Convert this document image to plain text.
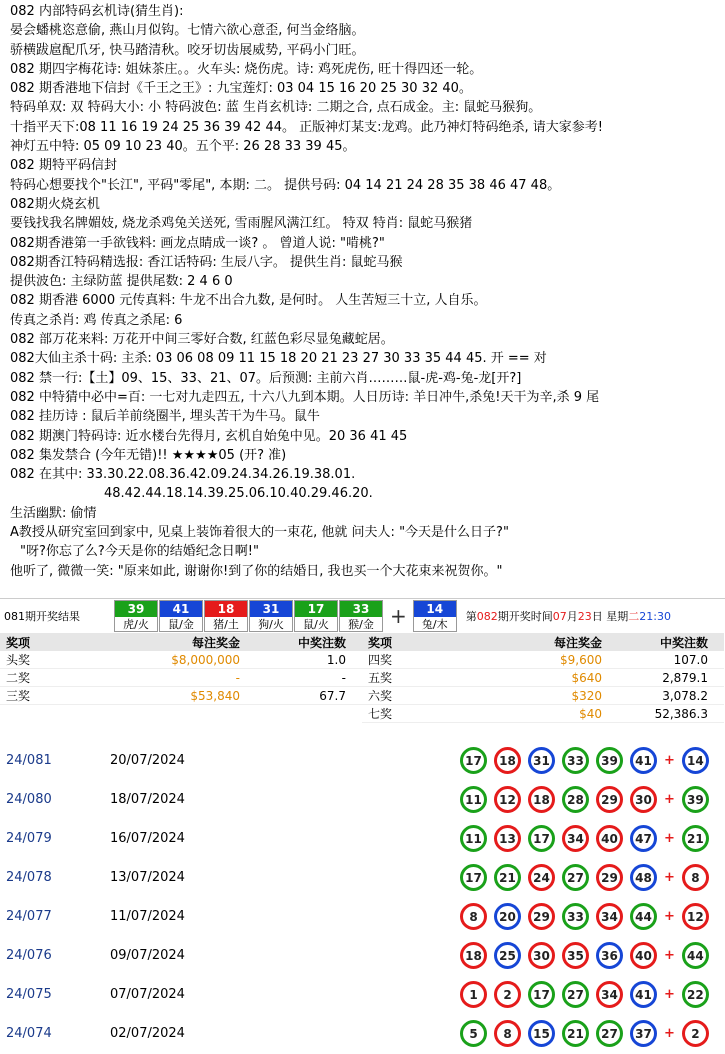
082 内部特码玄机诗(猜生肖):
晏会蟠桃恣意偷, 燕山月似钩。七情六欲心意歪, 何当金络脑。
骄横跋扈配爪牙, 快马踏清秋。咬牙切齿展威势, 平码小门旺。
082 期四字梅花诗: 姐妹茶庄。。火车头: 烧伤虎。诗: 鸡死虎伤, 旺十得四还一轮。
082 期香港地下信封《千王之王》: 九宝莲灯: 03 04 15 16 20 25 30 32 40。
特码单双: 双 特码大小: 小 特码波色: 蓝 生肖玄机诗: 二期之合, 点石成金。主: 鼠蛇马猴狗。
十指平天下:08 11 16 19 24 25 36 39 42 44。 正版神灯某支:龙鸡。此乃神灯特码绝杀, 请大家参考!
神灯五中特: 05 09 10 23 40。五个平: 26 28 33 39 45。
082 期特平码信封
特码心想要找个"长江", 平码"零尾", 本期: 二。 提供号码: 04 14 21 24 28 35 38 46 47 48。
082期火烧玄机
要钱找我名牌媚妓, 烧龙杀鸡兔关送死, 雪雨腥风满江红。 特双 特肖: 鼠蛇马猴猪
082期香港第一手欲钱料: 画龙点睛成一谈? 。 曾道人说: "啃桃?"
082期香江特码精选报: 香江话特码: 生辰八字。 提供生肖: 鼠蛇马猴
提供波色: 主绿防蓝 提供尾数: 2 4 6 0
082 期香港 6000 元传真料: 牛龙不出合九数, 是何时。 人生苦短三十立, 人自乐。
传真之杀肖: 鸡 传真之杀尾: 6
082 部万花来料: 万花开中间三零好合数, 红蓝色彩尽显兔藏蛇居。
082大仙主杀十码: 主杀: 03 06 08 09 11 15 18 20 21 23 27 30 33 35 44 45. 开 == 对
082 禁一行:【土】09、15、33、21、07。后预测: 主前六肖………鼠-虎-鸡-兔-龙[开?]
082 中特猜中必中=百: 一七对九走四五, 十六八九到本期。人日历诗: 羊日冲牛,杀兔!天干为辛,杀 9 尾
082 挂历诗 : 鼠后羊前绕圈半, 埋头苦干为牛马。鼠牛
082 期澳门特码诗: 近水楼台先得月, 玄机自始兔中见。20 36 41 45
082 集发禁合 (今年无错)!! ★★★★05 (开? 准)
082 在其中: 33.30.22.08.36.42.09.24.34.26.19.38.01.
48.42.44.18.14.39.25.06.10.40.29.46.20.
生活幽默: 偷情
A教授从研究室回到家中, 见桌上装饰着很大的一束花, 他就 问夫人: "今天是什么日子?"
"呀?你忘了么?今天是你的结婚纪念日啊!"
他听了, 微微一笑: "原来如此, 谢谢你!到了你的结婚日, 我也买一个大花束来祝贺你。"
081期开奖结果
39
虎/火
41
鼠/金
18
猪/土
31
狗/火
17
鼠/火
33
猴/金 +	14
兔/木
第082期开奖时间07月23日 星期二21:30
奖项	每注奖金	中奖注数
头奖	$8,000,000	1.0
二奖	-	-
三奖	$53,840	67.7
奖项	每注奖金	中奖注数
四奖	$9,600	107.0
五奖	$640	2,879.1
六奖	$320	3,078.2
七奖	$40	52,386.3
24/081	20/07/2024	17	18	31	33	39	41 +	14
24/080	18/07/2024	11	12	18	28	29	30 +	39
24/079	16/07/2024	11	13	17	34	40	47 +	21
24/078	13/07/2024	17	21	24	27	29	48 +	8
24/077	11/07/2024	8	20	29	33	34	44 +	12
24/076	09/07/2024	18	25	30	35	36	40 +	44
24/075	07/07/2024	1	2	17	27	34	41 +	22
24/074	02/07/2024	5	8	15	21	27	37 +	2
